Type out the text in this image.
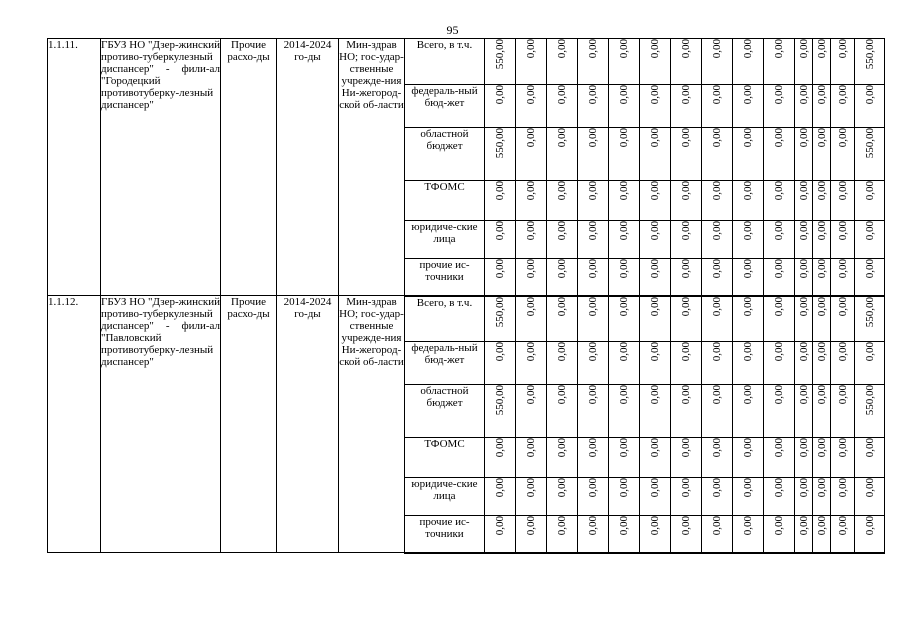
95
1.1.11.	ГБУЗ НО "Дзер-жинский противо-туберкулезный диспансер" - фили-ал "Городецкий противотуберку-лезный диспансер"	Прочие расхо-ды	2014-2024 го-ды	Мин-здрав НО; гос-удар-ственные учрежде-ния Ни-жегород-ской об-ласти	Всего, в т.ч.	550,00	0,00	0,00	0,00	0,00	0,00	0,00	0,00	0,00	0,00	0,00	0,00	0,00	550,00

					федераль-ный бюд-жет	0,00	0,00	0,00	0,00	0,00	0,00	0,00	0,00	0,00	0,00	0,00	0,00	0,00	0,00

					областной бюджет	550,00	0,00	0,00	0,00	0,00	0,00	0,00	0,00	0,00	0,00	0,00	0,00	0,00	550,00

					ТФОМС	0,00	0,00	0,00	0,00	0,00	0,00	0,00	0,00	0,00	0,00	0,00	0,00	0,00	0,00

					юридиче-ские лица	0,00	0,00	0,00	0,00	0,00	0,00	0,00	0,00	0,00	0,00	0,00	0,00	0,00	0,00

					прочие ис-точники	0,00	0,00	0,00	0,00	0,00	0,00	0,00	0,00	0,00	0,00	0,00	0,00	0,00	0,00

1.1.12.	ГБУЗ НО "Дзер-жинский противо-туберкулезный диспансер" - фили-ал "Павловский противотуберку-лезный диспансер"	Прочие расхо-ды	2014-2024 го-ды	Мин-здрав НО; гос-удар-ственные учрежде-ния Ни-жегород-ской об-ласти	Всего, в т.ч.	550,00	0,00	0,00	0,00	0,00	0,00	0,00	0,00	0,00	0,00	0,00	0,00	0,00	550,00

					федераль-ный бюд-жет	0,00	0,00	0,00	0,00	0,00	0,00	0,00	0,00	0,00	0,00	0,00	0,00	0,00	0,00

					областной бюджет	550,00	0,00	0,00	0,00	0,00	0,00	0,00	0,00	0,00	0,00	0,00	0,00	0,00	550,00

					ТФОМС	0,00	0,00	0,00	0,00	0,00	0,00	0,00	0,00	0,00	0,00	0,00	0,00	0,00	0,00

					юридиче-ские лица	0,00	0,00	0,00	0,00	0,00	0,00	0,00	0,00	0,00	0,00	0,00	0,00	0,00	0,00

					прочие ис-точники	0,00	0,00	0,00	0,00	0,00	0,00	0,00	0,00	0,00	0,00	0,00	0,00	0,00	0,00
